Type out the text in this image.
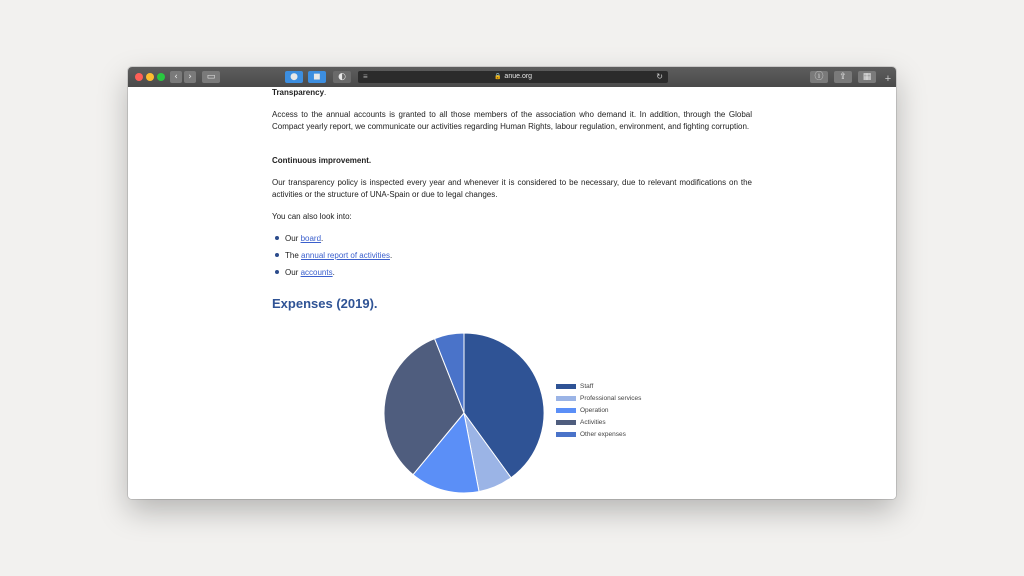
‹	›	▭	●	◼	◐	≡	🔒 anue.org	↻	ⓘ	⇪	▦	+

Transparency.

Access to the annual accounts is granted to all those members of the association who demand it. In addition, through the Global Compact yearly report, we communicate our activities regarding Human Rights, labour regulation, environment, and fighting corruption.

Continuous improvement.

Our transparency policy is inspected every year and whenever it is considered to be necessary, due to relevant modifications on the activities or the structure of UNA-Spain or due to legal changes.

You can also look into:

Our board.
The annual report of activities.
Our accounts.
Expenses (2019).
Staff
Professional services
Operation
Activities
Other expenses
